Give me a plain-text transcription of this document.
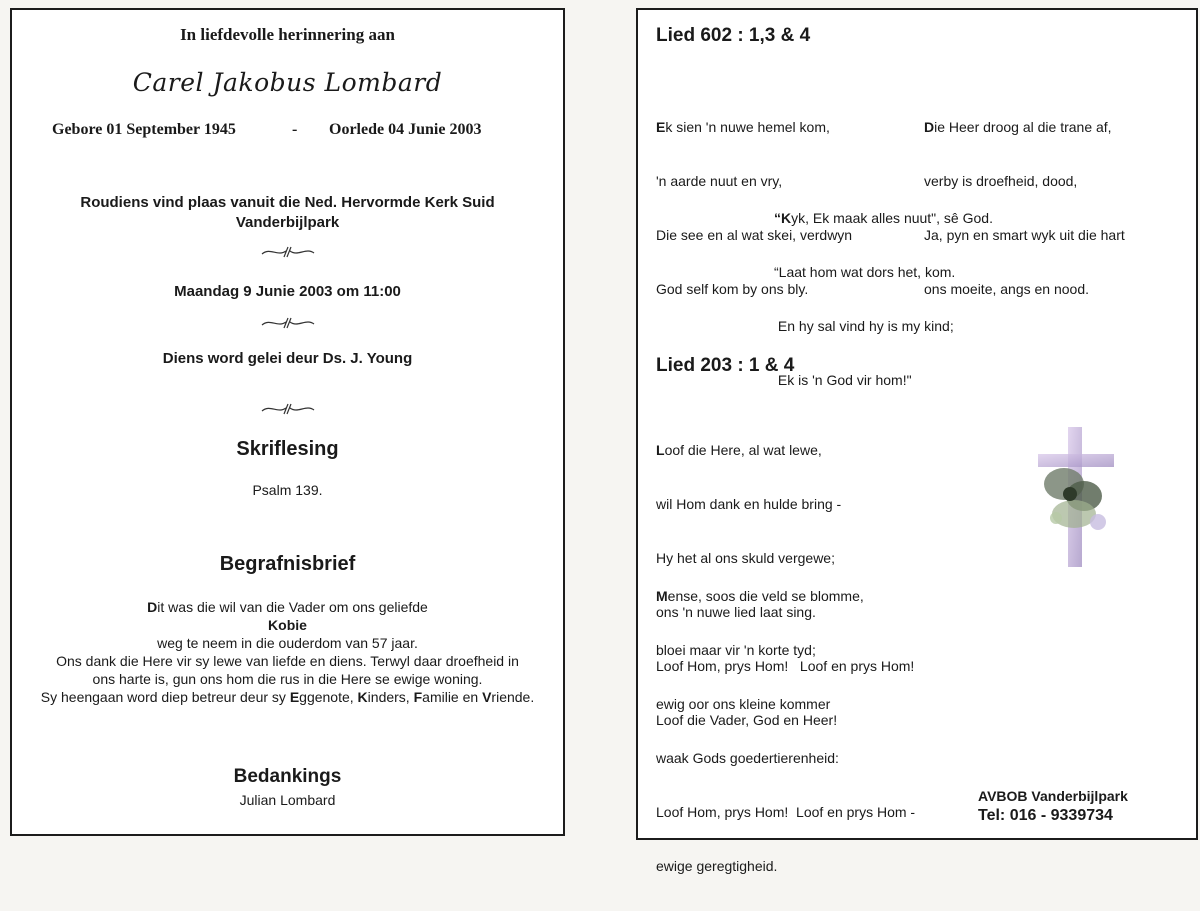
In liefdevolle herinnering aan
Carel Jakobus Lombard
Gebore 01 September 1945	- Oorlede 04 Junie 2003
Roudiens vind plaas vanuit die Ned. Hervormde Kerk Suid
Vanderbijlpark
Maandag 9 Junie 2003 om 11:00
Diens word gelei deur Ds. J. Young
Skriflesing
Psalm 139.
Begrafnisbrief
Dit was die wil van die Vader om ons geliefde
Kobie
weg te neem in die ouderdom van 57 jaar.
Ons dank die Here vir sy lewe van liefde en diens. Terwyl daar droefheid in
ons harte is, gun ons hom die rus in die Here se ewige woning.
Sy heengaan word diep betreur deur sy Eggenote, Kinders, Familie en Vriende.
Bedankings
Julian Lombard
Lied 602 : 1,3 & 4

Ek sien 'n nuwe hemel kom,

'n aarde nuut en vry,

Die see en al wat skei, verdwyn

God self kom by ons bly.

Die Heer droog al die trane af,

verby is droefheid, dood,

Ja, pyn en smart wyk uit die hart

ons moeite, angs en nood.

“Kyk, Ek maak alles nuut", sê God.

“Laat hom wat dors het, kom.

En hy sal vind hy is my kind;

Ek is 'n God vir hom!"

Lied 203 : 1 & 4

Loof die Here, al wat lewe,

wil Hom dank en hulde bring -

Hy het al ons skuld vergewe;

ons 'n nuwe lied laat sing.

Loof Hom, prys Hom!   Loof en prys Hom!

Loof die Vader, God en Heer!

Mense, soos die veld se blomme,

bloei maar vir 'n korte tyd;

ewig oor ons kleine kommer

waak Gods goedertierenheid:

Loof Hom, prys Hom!  Loof en prys Hom -

ewige geregtigheid.

AVBOB Vanderbijlpark
Tel: 016 - 9339734
